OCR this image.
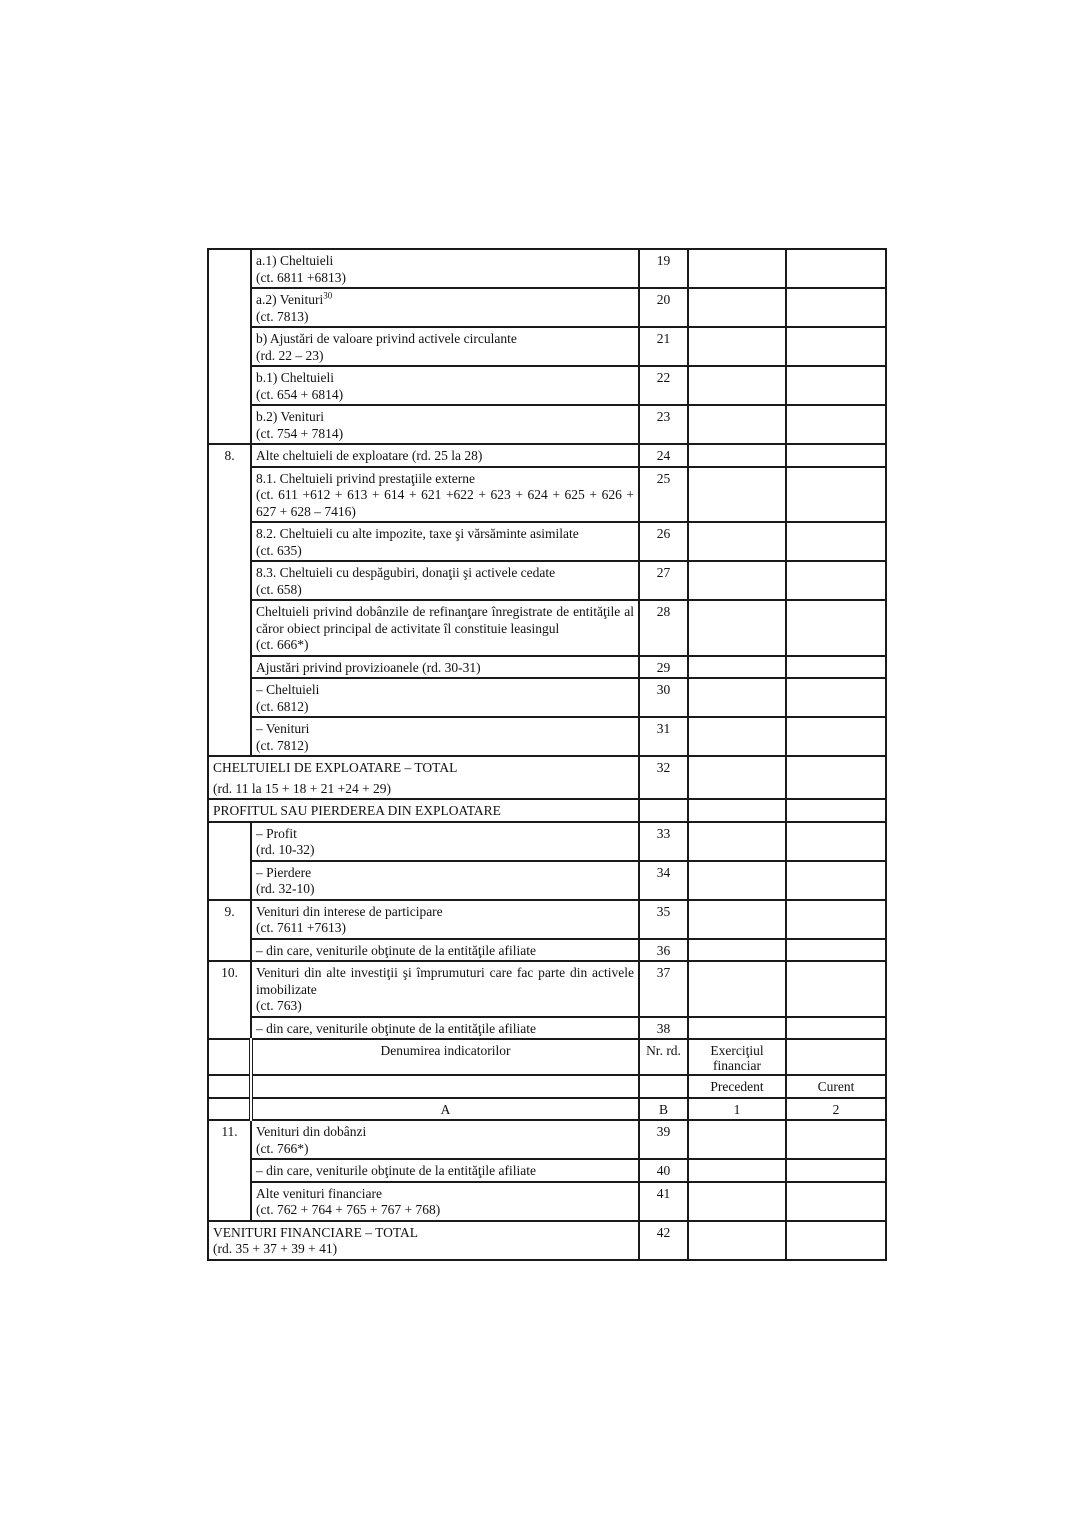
	a.1) Cheltuieli
(ct. 6811 +6813)	19		

	a.2) Venituri$^{30}$
(ct. 7813)	20		

	b) Ajustări de valoare privind activele circulante
(rd. 22 – 23)	21		

	b.1) Cheltuieli
(ct. 654 + 6814)	22		

	b.2) Venituri
(ct. 754 + 7814)	23		
8.	Alte cheltuieli de exploatare (rd. 25 la 28)	24		

	8.1. Cheltuieli privind prestaţiile externe
(ct. 611 +612 + 613 + 614 + 621 +622 + 623 + 624 + 625 + 626 + 627 + 628 – 7416)	25		

	8.2. Cheltuieli cu alte impozite, taxe şi vărsăminte asimilate
(ct. 635)	26		

	8.3. Cheltuieli cu despăgubiri, donaţii şi activele cedate
(ct. 658)	27		

	Cheltuieli privind dobânzile de refinanţare înregistrate de entităţile al căror obiect principal de activitate îl constituie leasingul
(ct. 666*)	28		
	Ajustări privind provizioanele (rd. 30-31)	29		

	– Cheltuieli
(ct. 6812)	30		

	– Venituri
(ct. 7812)	31		

CHELTUIELI DE EXPLOATARE – TOTAL
(rd. 11 la 15 + 18 + 21 +24 + 29)		32		
PROFITUL SAU PIERDEREA DIN EXPLOATARE				

	– Profit
(rd. 10-32)	33		

	– Pierdere
(rd. 32-10)	34		
9.	Venituri din interese de participare
(ct. 7611 +7613)	35		
	– din care, veniturile obţinute de la entităţile afiliate	36		
10.	Venituri din alte investiţii şi împrumuturi care fac parte din activele imobilizate
(ct. 763)	37		
	– din care, veniturile obţinute de la entităţile afiliate	38		
	Denumirea indicatorilor	Nr. rd.	Exerciţiul financiar	
			Precedent	Curent
	A	B	1	2
11.	Venituri din dobânzi
(ct. 766*)	39		
	– din care, veniturile obţinute de la entităţile afiliate	40		

	Alte venituri financiare
(ct. 762 + 764 + 765 + 767 + 768)	41		

VENITURI FINANCIARE – TOTAL
(rd. 35 + 37 + 39 + 41)		42		
